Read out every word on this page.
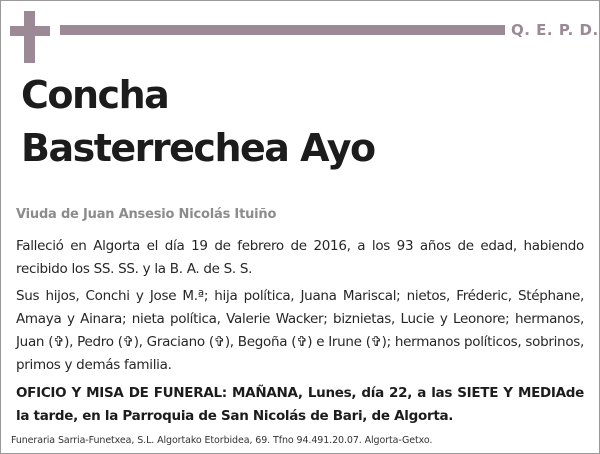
Q. E. P. D.
Concha
Basterrechea Ayo
Viuda de Juan Ansesio Nicolás Ituiño

Falleció en Algorta el día 19 de febrero de 2016, a los 93 años de edad, habiendo recibido los SS. SS. y la B. A. de S. S.

Sus hijos, Conchi y Jose M.ª; hija política, Juana Mariscal; nietos, Fréderic, Stéphane, Amaya y Ainara; nieta política, Valerie Wacker; biznietas, Lucie y Leonore; hermanos, Juan (✞), Pedro (✞), Graciano (✞), Begoña (✞) e Irune (✞); hermanos políticos, sobrinos, primos y demás familia.

OFICIO Y MISA DE FUNERAL: MAÑANA, Lunes, día 22, a las SIETE Y MEDIAde la tarde, en la Parroquia de San Nicolás de Bari, de Algorta.

Funeraria Sarria-Funetxea, S.L. Algortako Etorbidea, 69. Tfno 94.491.20.07. Algorta-Getxo.
